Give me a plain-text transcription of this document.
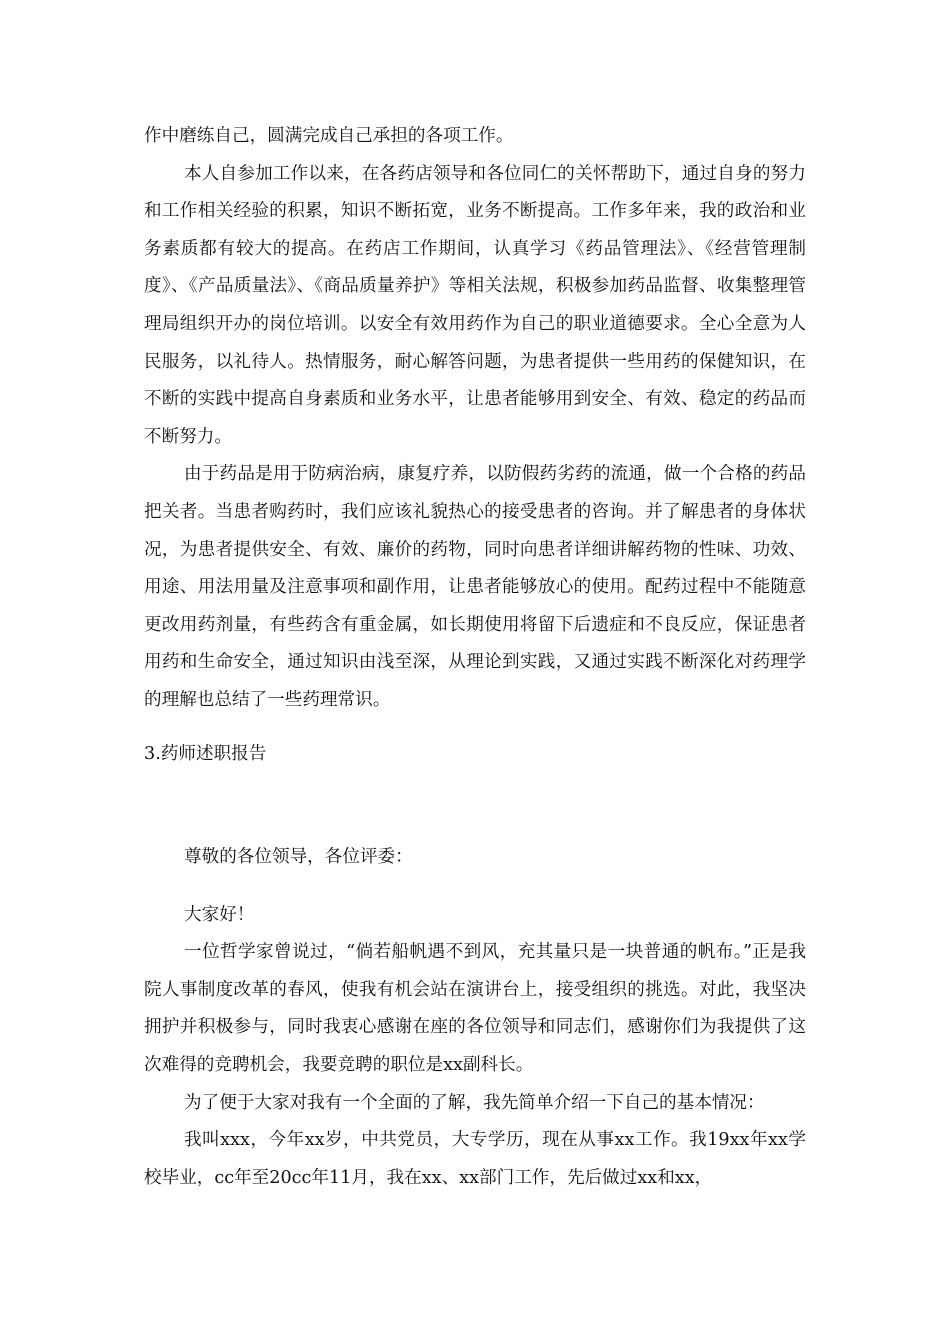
作中磨练自己，圆满完成自己承担的各项工作。

本人自参加工作以来，在各药店领导和各位同仁的关怀帮助下，通过自身的努力和工作相关经验的积累，知识不断拓宽，业务不断提高。工作多年来，我的政治和业务素质都有较大的提高。在药店工作期间，认真学习《药品管理法》、《经营管理制度》、《产品质量法》、《商品质量养护》等相关法规，积极参加药品监督、收集整理管理局组织开办的岗位培训。以安全有效用药作为自己的职业道德要求。全心全意为人民服务，以礼待人。热情服务，耐心解答问题，为患者提供一些用药的保健知识，在不断的实践中提高自身素质和业务水平，让患者能够用到安全、有效、稳定的药品而不断努力。

由于药品是用于防病治病，康复疗养，以防假药劣药的流通，做一个合格的药品把关者。当患者购药时，我们应该礼貌热心的接受患者的咨询。并了解患者的身体状况，为患者提供安全、有效、廉价的药物，同时向患者详细讲解药物的性味、功效、用途、用法用量及注意事项和副作用，让患者能够放心的使用。配药过程中不能随意更改用药剂量，有些药含有重金属，如长期使用将留下后遗症和不良反应，保证患者用药和生命安全，通过知识由浅至深，从理论到实践，又通过实践不断深化对药理学的理解也总结了一些药理常识。

3.药师述职报告

尊敬的各位领导，各位评委：

大家好！

一位哲学家曾说过，“倘若船帆遇不到风，充其量只是一块普通的帆布。”正是我院人事制度改革的春风，使我有机会站在演讲台上，接受组织的挑选。对此，我坚决拥护并积极参与，同时我衷心感谢在座的各位领导和同志们，感谢你们为我提供了这次难得的竞聘机会，我要竞聘的职位是xx副科长。

为了便于大家对我有一个全面的了解，我先简单介绍一下自己的基本情况：

我叫xxx，今年xx岁，中共党员，大专学历，现在从事xx工作。我19xx年xx学校毕业，cc年至20cc年11月，我在xx、xx部门工作，先后做过xx和xx，
